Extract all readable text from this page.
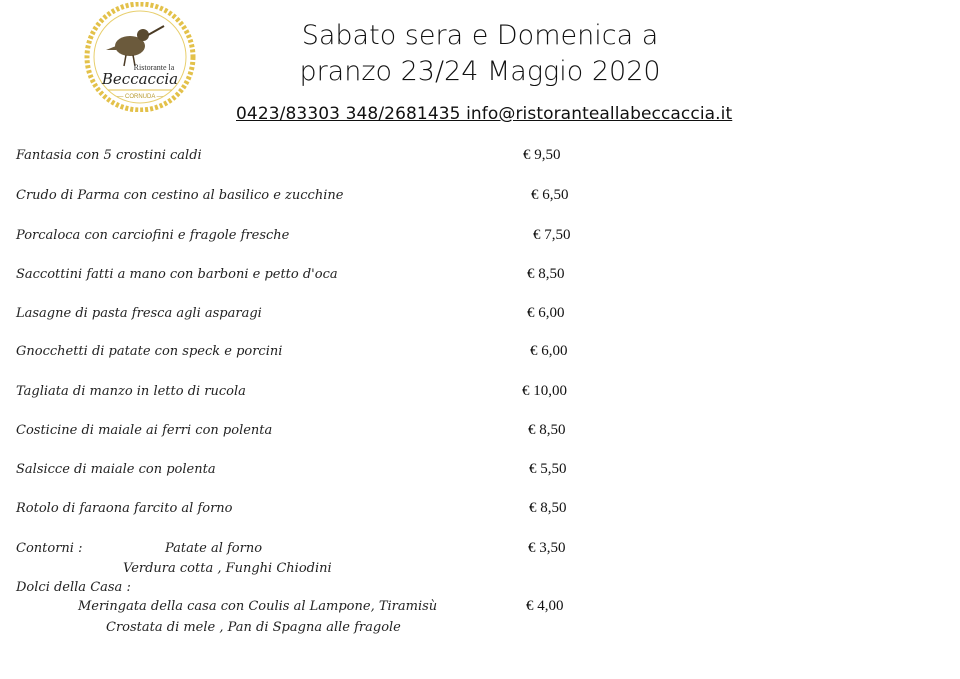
Ristorante la
Beccaccia
— CORNUDA —
Sabato sera e Domenica a
pranzo 23/24 Maggio 2020
0423/83303 348/2681435 info@ristoranteallabeccaccia.it
Fantasia con 5 crostini caldi	€ 9,50
Crudo di Parma con cestino al basilico e zucchine	€ 6,50
Porcaloca con carciofini e fragole fresche	€ 7,50
Saccottini fatti a mano con barboni e petto d'oca	€ 8,50
Lasagne di pasta fresca agli asparagi	€ 6,00
Gnocchetti di patate con speck e porcini	€ 6,00
Tagliata di manzo in letto di rucola	€ 10,00
Costicine di maiale ai ferri con polenta	€ 8,50
Salsicce di maiale con polenta	€ 5,50
Rotolo di faraona farcito al forno	€ 8,50
Contorni :	Patate al forno	€ 3,50
Verdura cotta , Funghi Chiodini
Dolci della Casa :
Meringata della casa con Coulis al Lampone, Tiramisù	€ 4,00
Crostata di mele , Pan di Spagna alle fragole
